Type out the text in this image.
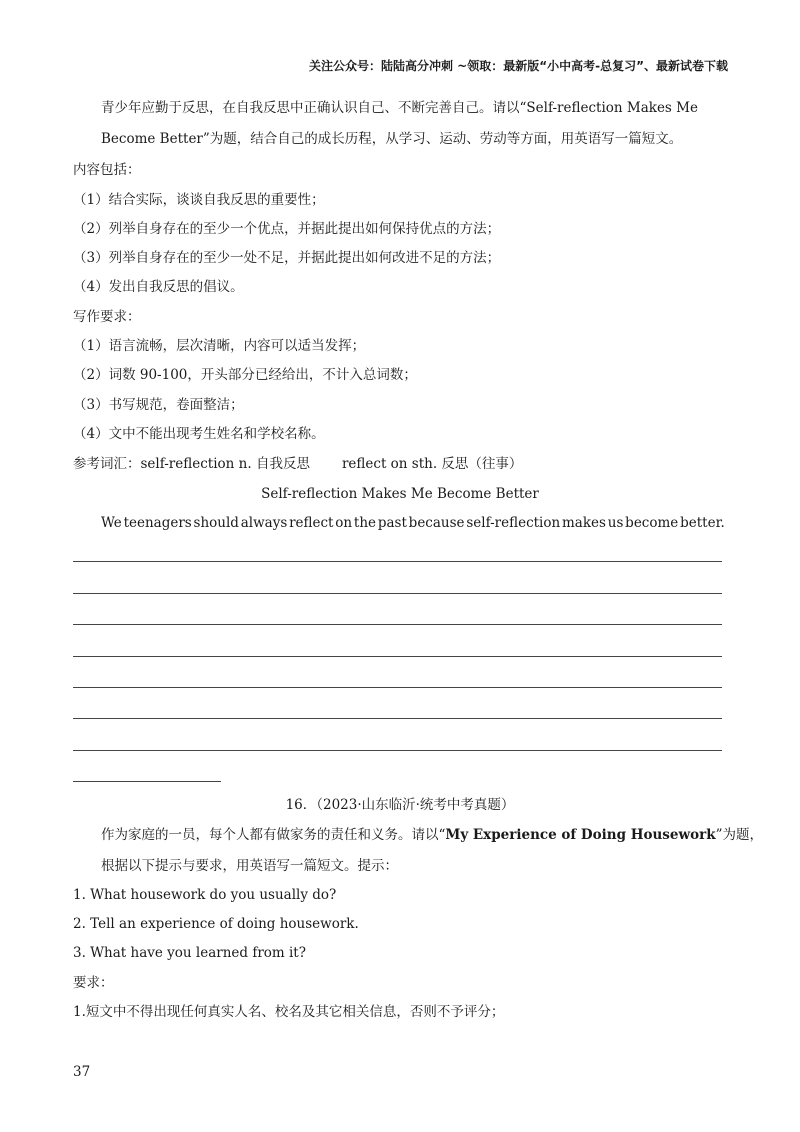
关注公众号：陆陆高分冲刺 ~领取：最新版“小中高考-总复习”、最新试卷下载
青少年应勤于反思，在自我反思中正确认识自己、不断完善自己。请以“Self-reflection Makes Me
Become Better”为题，结合自己的成长历程，从学习、运动、劳动等方面，用英语写一篇短文。
内容包括：
（1）结合实际，谈谈自我反思的重要性；
（2）列举自身存在的至少一个优点，并据此提出如何保持优点的方法；
（3）列举自身存在的至少一处不足，并据此提出如何改进不足的方法；
（4）发出自我反思的倡议。
写作要求：
（1）语言流畅，层次清晰，内容可以适当发挥；
（2）词数 90-100，开头部分已经给出，不计入总词数；
（3）书写规范，卷面整洁；
（4）文中不能出现考生姓名和学校名称。
参考词汇：self-reflection n. 自我反思 reflect on sth. 反思（往事）
Self-reflection Makes Me Become Better
We teenagers should always reflect on the past because self-reflection makes us become better.
16．（2023·山东临沂·统考中考真题）
作为家庭的一员，每个人都有做家务的责任和义务。请以“My Experience of Doing Housework”为题，
根据以下提示与要求，用英语写一篇短文。提示：
1. What housework do you usually do?
2. Tell an experience of doing housework.
3. What have you learned from it?
要求：
1.短文中不得出现任何真实人名、校名及其它相关信息，否则不予评分；
37
